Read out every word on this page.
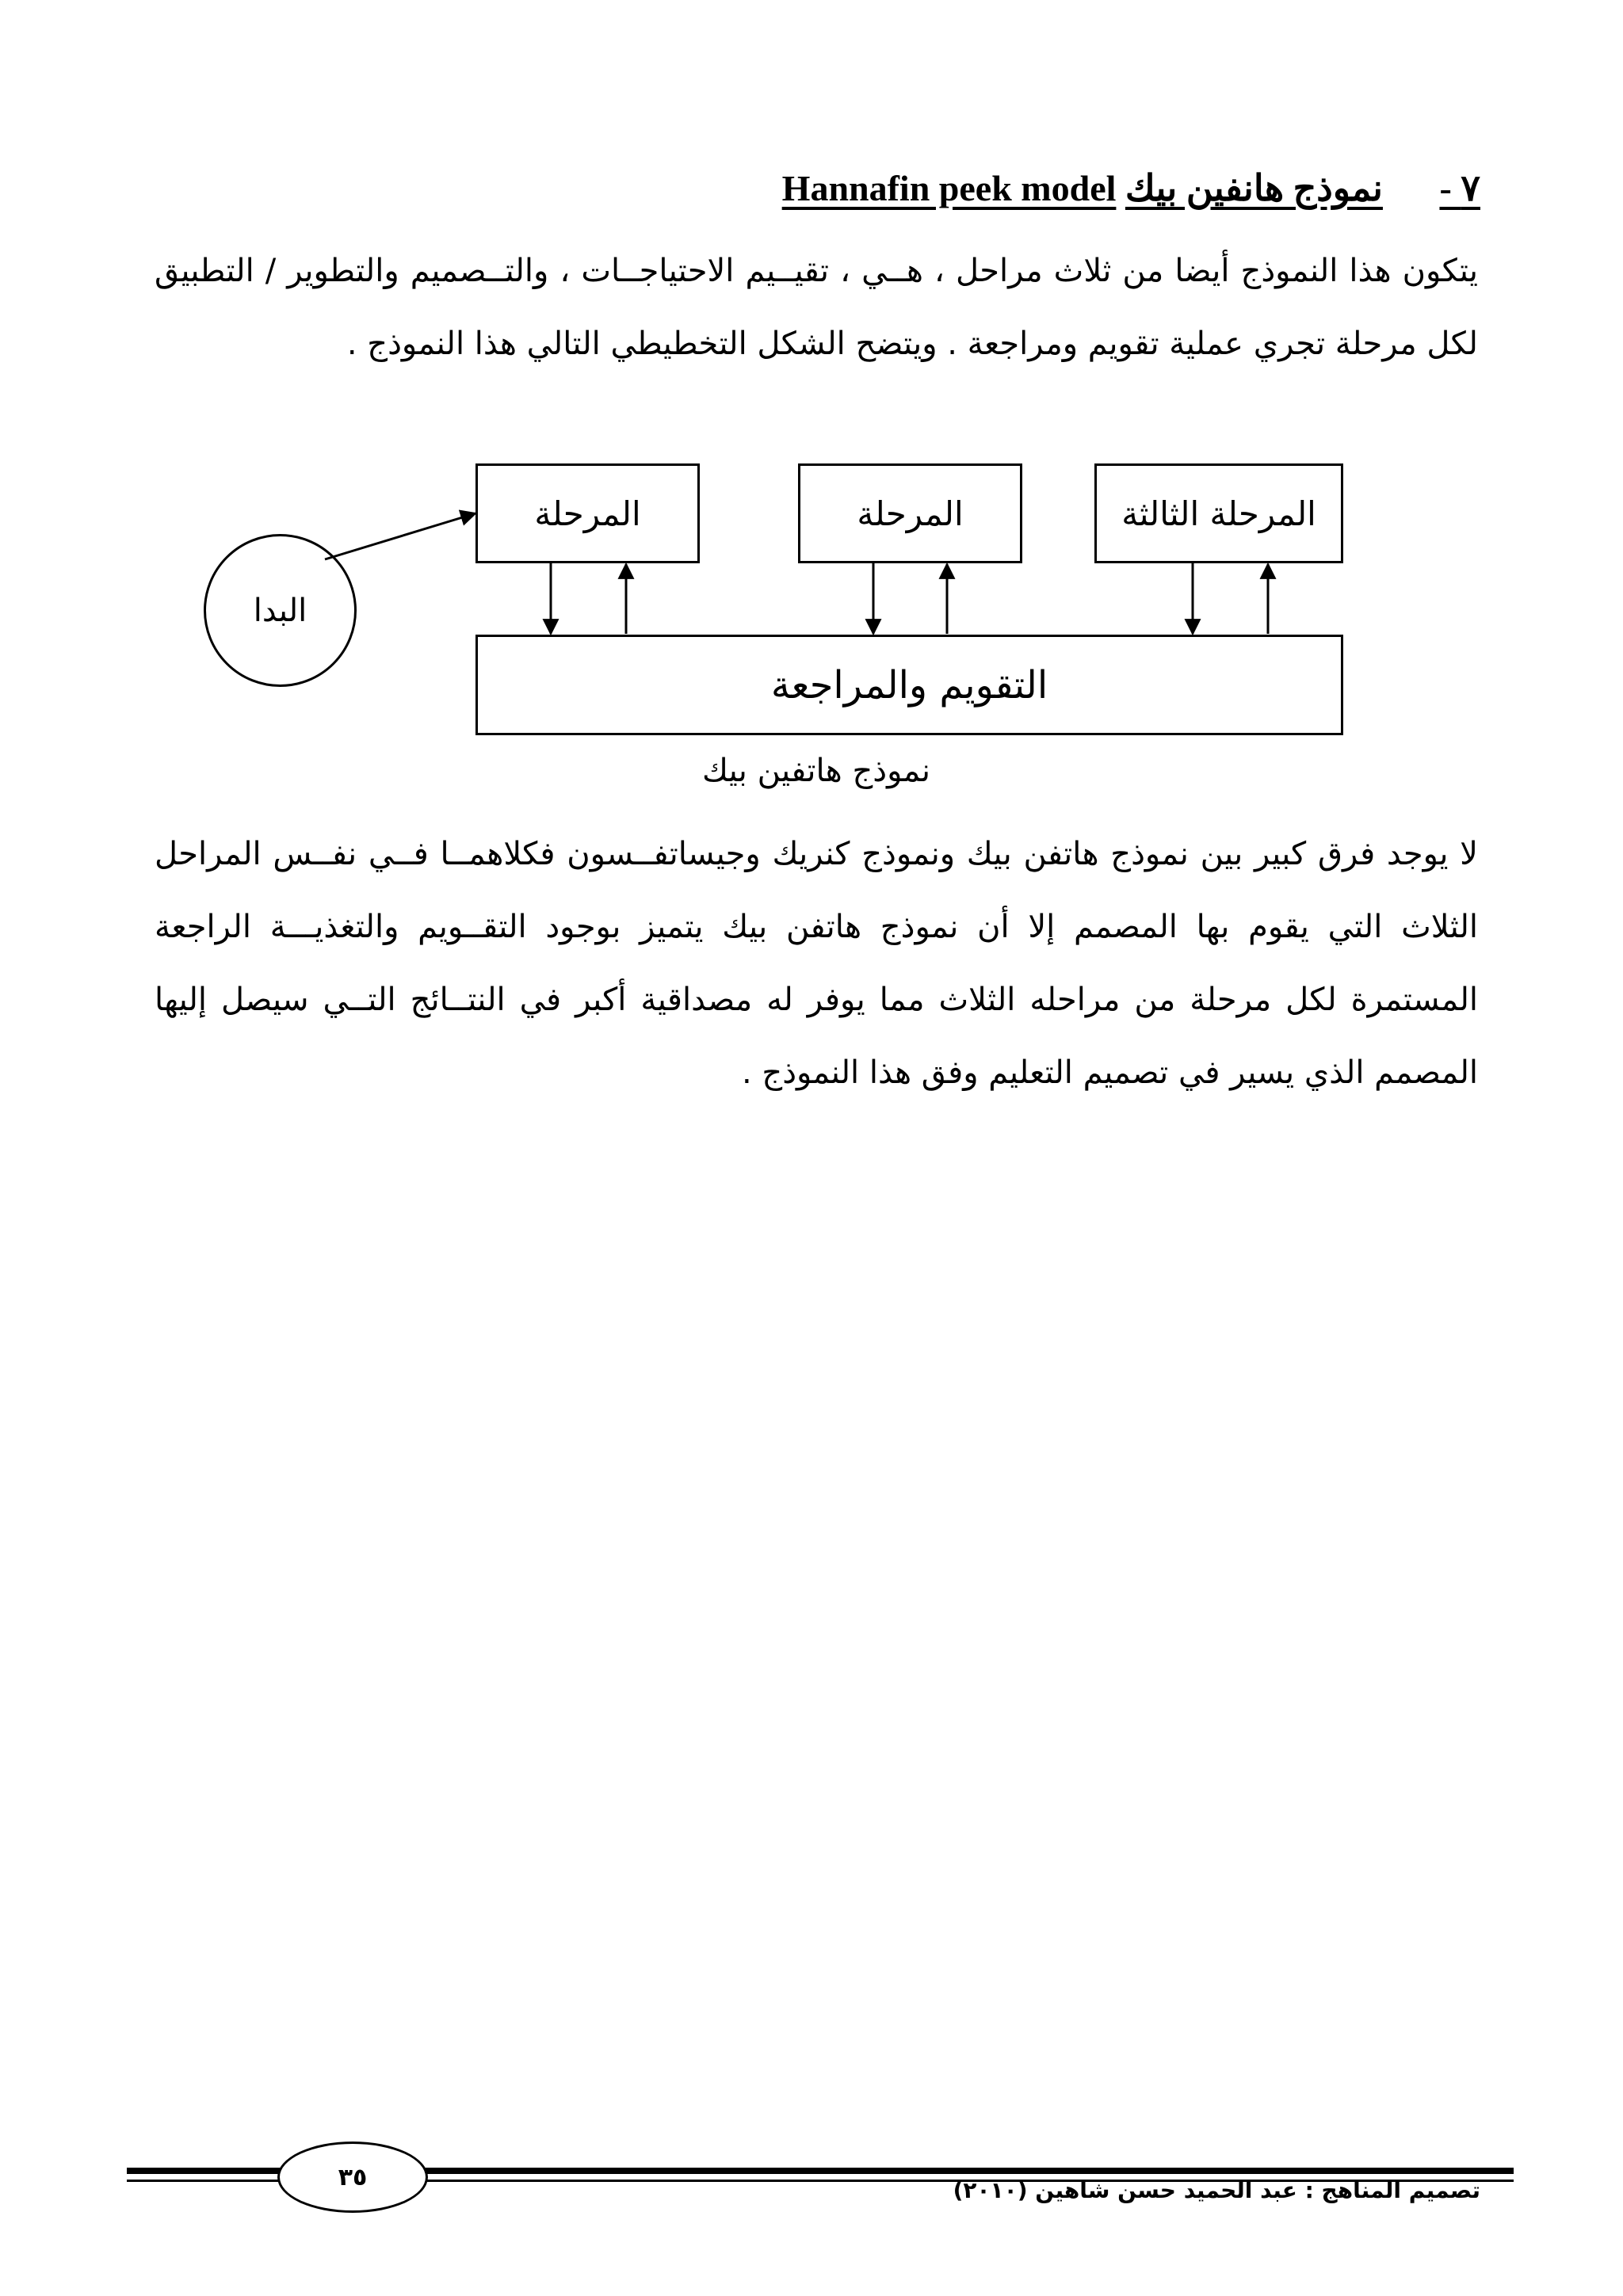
٧ - نموذج هانفين بيك Hannafin peek model
يتكون هذا النموذج أيضا من ثلاث مراحل ، هــي ، تقيــيم الاحتياجــات ، والتــصميم والتطوير / التطبيق لكل مرحلة تجري عملية تقويم ومراجعة . ويتضح الشكل التخطيطي التالي هذا النموذج .
المرحلة	المرحلة	المرحلة الثالثة
التقويم والمراجعة
البدا
نموذج هاتفين بيك
لا يوجد فرق كبير بين نموذج هاتفن بيك ونموذج كنريك وجيساتفــسون فكلاهمــا فــي نفــس المراحل الثلاث التي يقوم بها المصمم إلا أن نموذج هاتفن بيك يتميز بوجود التقــويم والتغذيـــة الراجعة المستمرة لكل مرحلة من مراحله الثلاث مما يوفر له مصداقية أكبر في النتــائج التــي سيصل إليها المصمم الذي يسير في تصميم التعليم وفق هذا النموذج .
٣٥	تصميم المناهج : عبد الحميد حسن شاهين (٢٠١٠)
